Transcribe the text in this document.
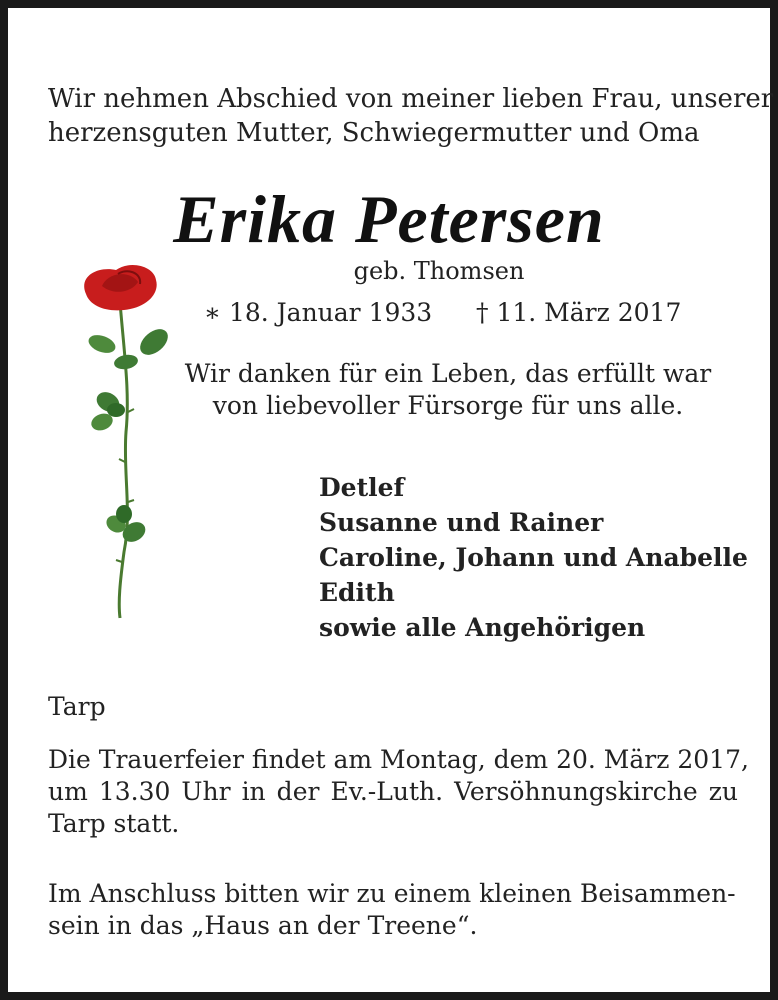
Wir nehmen Abschied von meiner lieben Frau, unserer
herzensguten Mutter, Schwiegermutter und Oma

Erika Petersen
geb. Thomsen
∗ 18. Januar 1933 † 11. März 2017
Wir danken für ein Leben, das erfüllt war
von liebevoller Fürsorge für uns alle.
Detlef
Susanne und Rainer
Caroline, Johann und Anabelle
Edith
sowie alle Angehörigen
Tarp
Die Trauerfeier findet am Montag, dem 20. März 2017,
um 13.30 Uhr in der Ev.-Luth. Versöhnungskirche zu
Tarp statt.
Im Anschluss bitten wir zu einem kleinen Beisammen-
sein in das „Haus an der Treene“.
